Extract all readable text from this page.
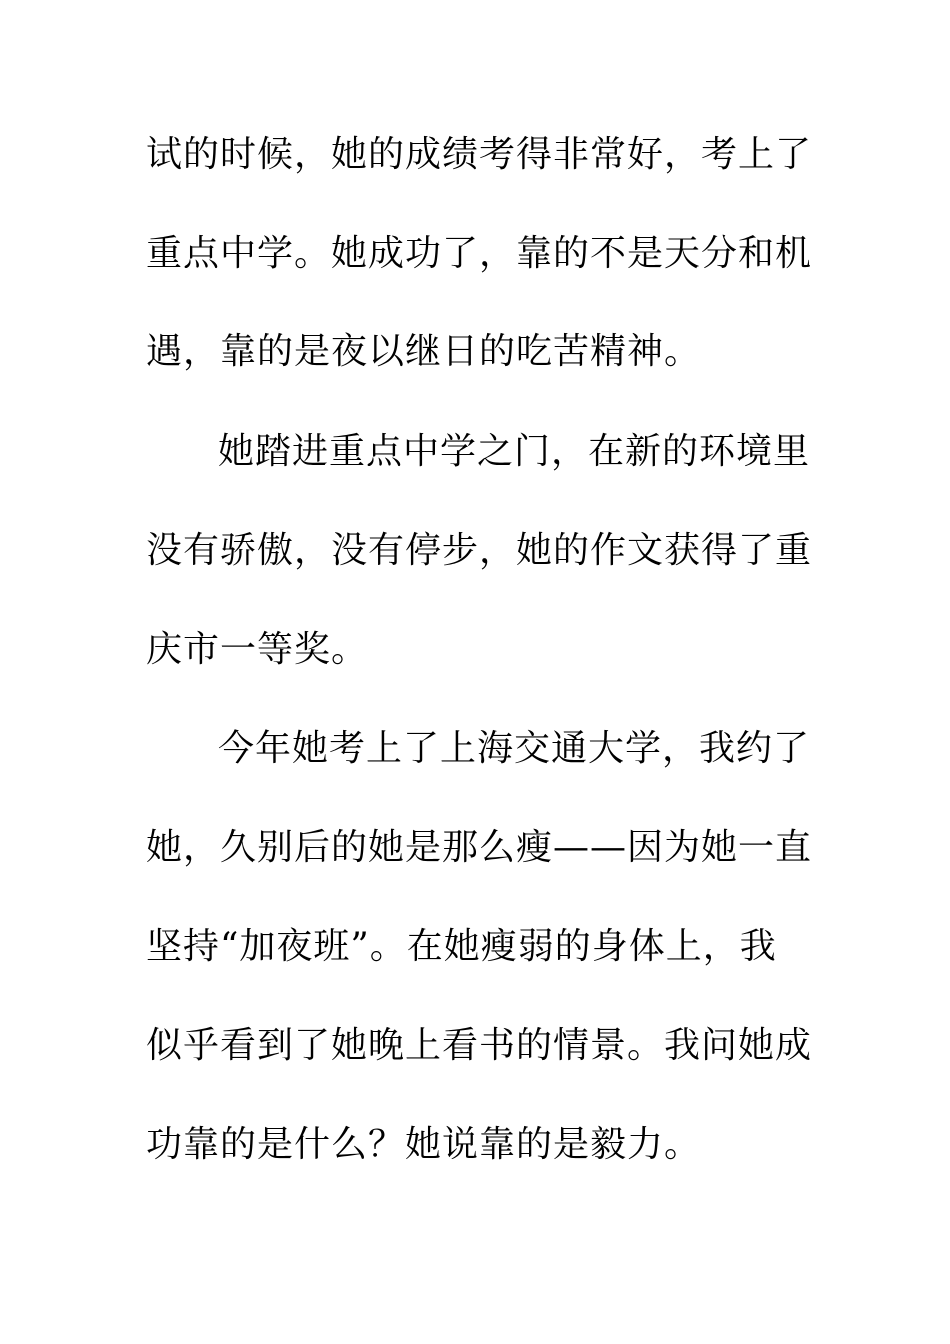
试的时候，她的成绩考得非常好，考上了
重点中学。她成功了，靠的不是天分和机
遇，靠的是夜以继日的吃苦精神。
她踏进重点中学之门，在新的环境里
没有骄傲，没有停步，她的作文获得了重
庆市一等奖。
今年她考上了上海交通大学，我约了
她，久别后的她是那么瘦——因为她一直
坚持“加夜班”。在她瘦弱的身体上，我
似乎看到了她晚上看书的情景。我问她成
功靠的是什么？她说靠的是毅力。
